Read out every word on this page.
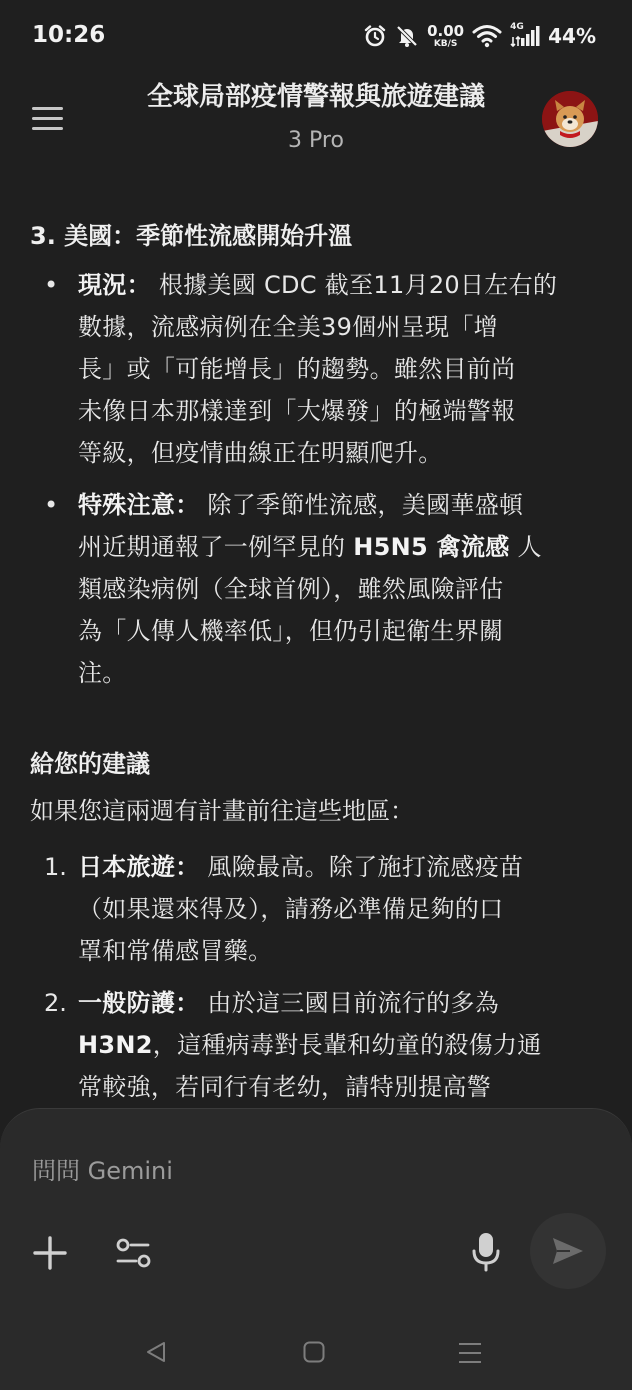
10:26	0.00
KB/S
4G 44%
全球局部疫情警報與旅遊建議
3 Pro
3. 美國：季節性流感開始升溫
• 現況： 根據美國 CDC 截至11月20日左右的
數據，流感病例在全美39個州呈現「增
長」或「可能增長」的趨勢。雖然目前尚
未像日本那樣達到「大爆發」的極端警報
等級，但疫情曲線正在明顯爬升。
• 特殊注意： 除了季節性流感，美國華盛頓
州近期通報了一例罕見的 H5N5 禽流感 人
類感染病例（全球首例），雖然風險評估
為「人傳人機率低」，但仍引起衛生界關
注。
給您的建議
如果您這兩週有計畫前往這些地區：
1. 日本旅遊： 風險最高。除了施打流感疫苗
（如果還來得及），請務必準備足夠的口
罩和常備感冒藥。
2. 一般防護： 由於這三國目前流行的多為
H3N2，這種病毒對長輩和幼童的殺傷力通
常較強，若同行有老幼，請特別提高警
問問 Gemini
